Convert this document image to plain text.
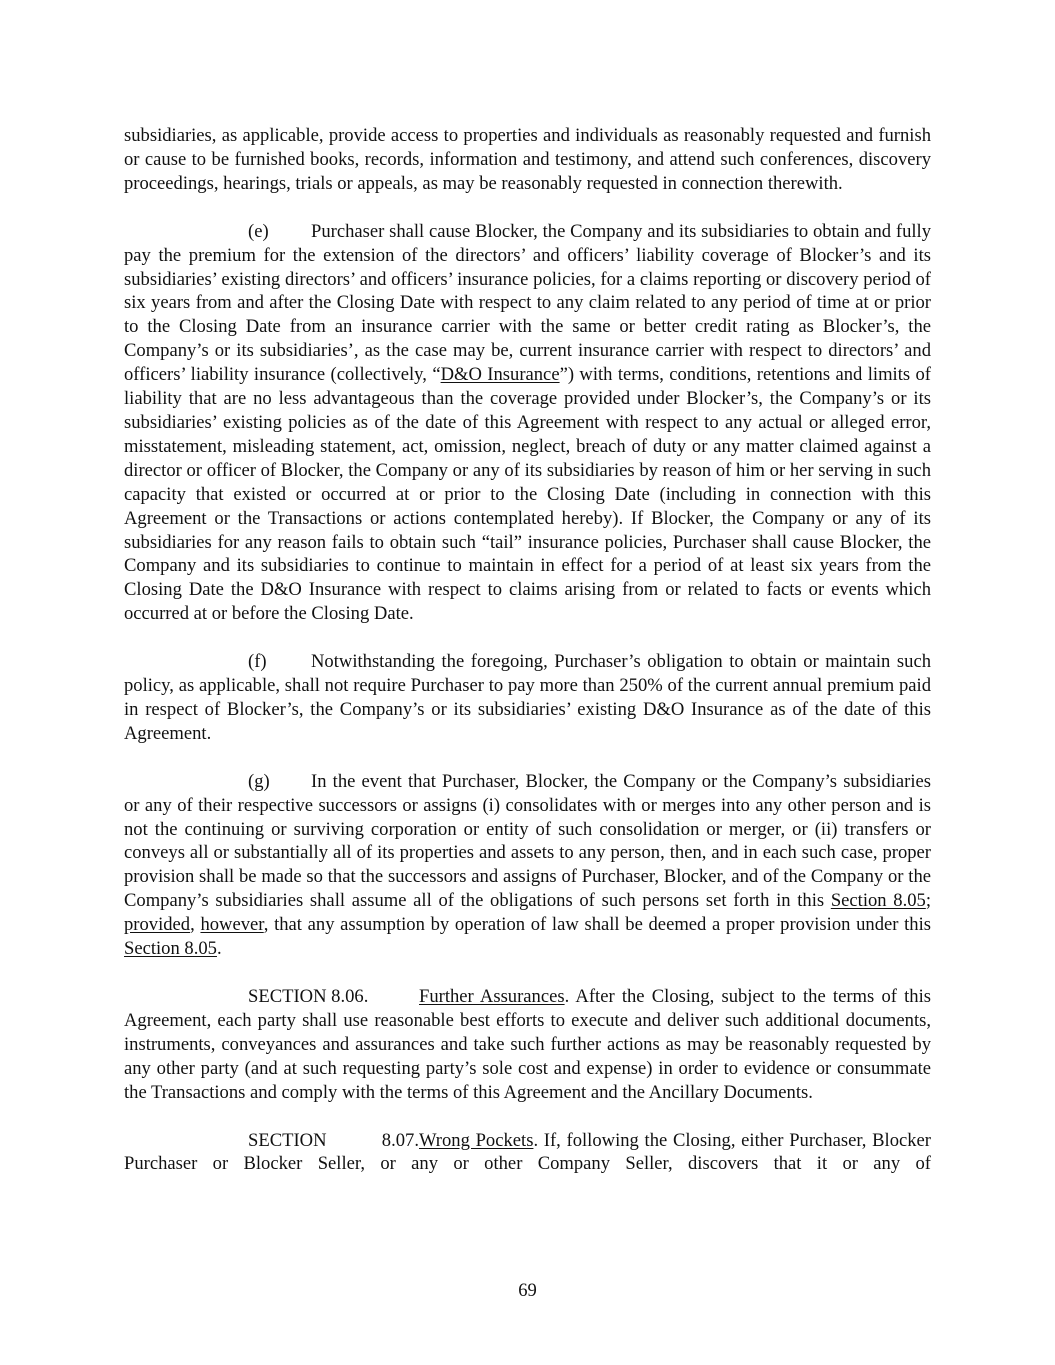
subsidiaries, as applicable, provide access to properties and individuals as reasonably requested and furnish or cause to be furnished books, records, information and testimony, and attend such conferences, discovery proceedings, hearings, trials or appeals, as may be reasonably requested in connection therewith.

(e) Purchaser shall cause Blocker, the Company and its subsidiaries to obtain and fully pay the premium for the extension of the directors’ and officers’ liability coverage of Blocker’s and its subsidiaries’ existing directors’ and officers’ insurance policies, for a claims reporting or discovery period of six years from and after the Closing Date with respect to any claim related to any period of time at or prior to the Closing Date from an insurance carrier with the same or better credit rating as Blocker’s, the Company’s or its subsidiaries’, as the case may be, current insurance carrier with respect to directors’ and officers’ liability insurance (collectively, “D&O Insurance”) with terms, conditions, retentions and limits of liability that are no less advantageous than the coverage provided under Blocker’s, the Company’s or its subsidiaries’ existing policies as of the date of this Agreement with respect to any actual or alleged error, misstatement, misleading statement, act, omission, neglect, breach of duty or any matter claimed against a director or officer of Blocker, the Company or any of its subsidiaries by reason of him or her serving in such capacity that existed or occurred at or prior to the Closing Date (including in connection with this Agreement or the Transactions or actions contemplated hereby). If Blocker, the Company or any of its subsidiaries for any reason fails to obtain such “tail” insurance policies, Purchaser shall cause Blocker, the Company and its subsidiaries to continue to maintain in effect for a period of at least six years from the Closing Date the D&O Insurance with respect to claims arising from or related to facts or events which occurred at or before the Closing Date.

(f) Notwithstanding the foregoing, Purchaser’s obligation to obtain or maintain such policy, as applicable, shall not require Purchaser to pay more than 250% of the current annual premium paid in respect of Blocker’s, the Company’s or its subsidiaries’ existing D&O Insurance as of the date of this Agreement.

(g) In the event that Purchaser, Blocker, the Company or the Company’s subsidiaries or any of their respective successors or assigns (i) consolidates with or merges into any other person and is not the continuing or surviving corporation or entity of such consolidation or merger, or (ii) transfers or conveys all or substantially all of its properties and assets to any person, then, and in each such case, proper provision shall be made so that the successors and assigns of Purchaser, Blocker, and of the Company or the Company’s subsidiaries shall assume all of the obligations of such persons set forth in this Section 8.05; provided, however, that any assumption by operation of law shall be deemed a proper provision under this Section 8.05.

SECTION 8.06.	Further Assurances. After the Closing, subject to the terms of this Agreement, each party shall use reasonable best efforts to execute and deliver such additional documents, instruments, conveyances and assurances and take such further actions as may be reasonably requested by any other party (and at such requesting party’s sole cost and expense) in order to evidence or consummate the Transactions and comply with the terms of this Agreement and the Ancillary Documents.

SECTION 8.07.Wrong Pockets. If, following the Closing, either Purchaser, Blocker Purchaser or Blocker Seller, or any or other Company Seller, discovers that it or any of

69
